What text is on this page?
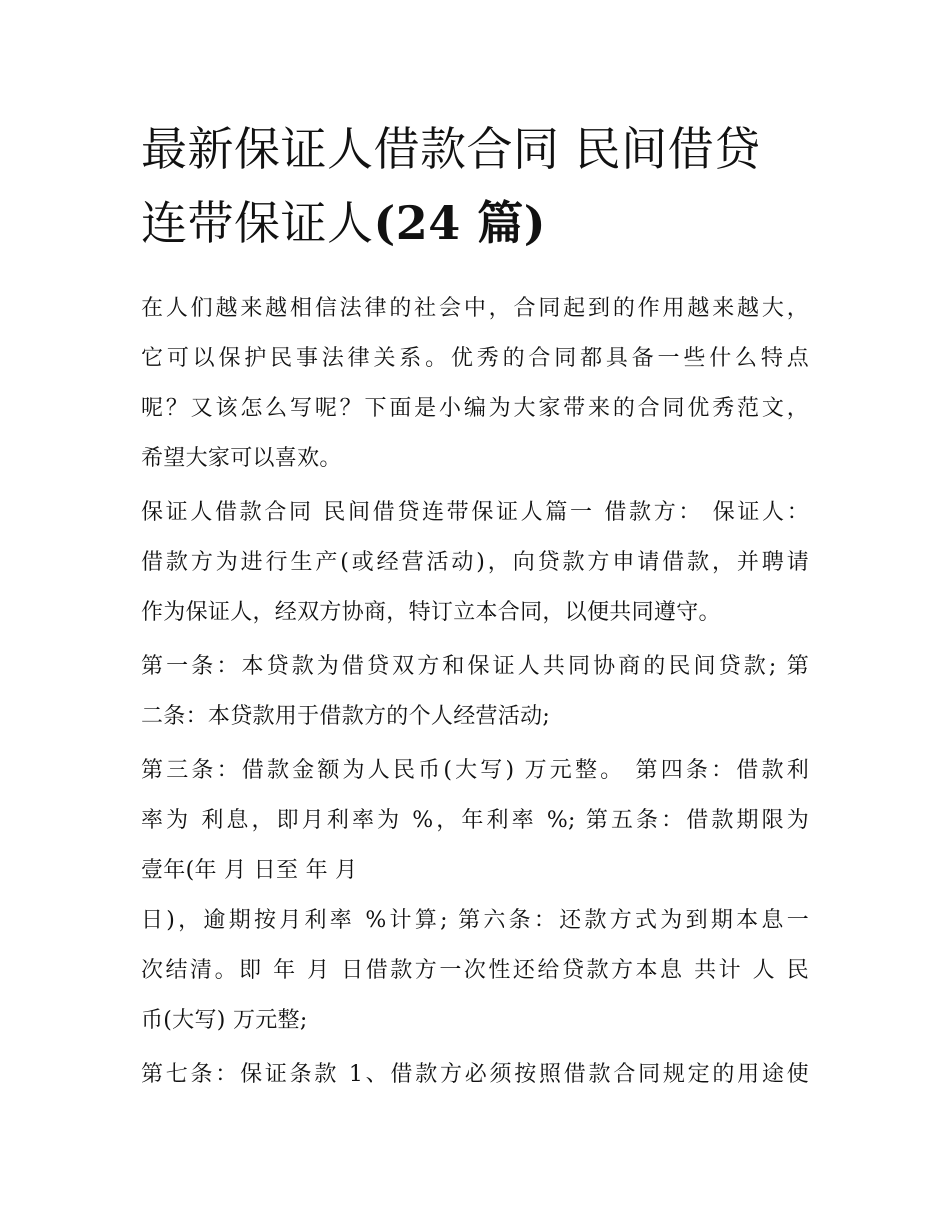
最新保证人借款合同 民间借贷
连带保证人(24 篇)
在人们越来越相信法律的社会中，合同起到的作用越来越大，
它可以保护民事法律关系。优秀的合同都具备一些什么特点
呢？又该怎么写呢？下面是小编为大家带来的合同优秀范文，
希望大家可以喜欢。
保证人借款合同 民间借贷连带保证人篇一 借款方： 保证人：
借款方为进行生产(或经营活动)，向贷款方申请借款，并聘请
作为保证人，经双方协商，特订立本合同，以便共同遵守。
第一条：本贷款为借贷双方和保证人共同协商的民间贷款; 第
二条：本贷款用于借款方的个人经营活动;
第三条：借款金额为人民币(大写) 万元整。 第四条：借款利
率为 利息，即月利率为 %，年利率 %; 第五条：借款期限为
壹年(年 月 日至 年 月
日)，逾期按月利率 %计算; 第六条：还款方式为到期本息一
次结清。即 年 月 日借款方一次性还给贷款方本息 共计 人 民
币(大写) 万元整;
第七条：保证条款 1、借款方必须按照借款合同规定的用途使
